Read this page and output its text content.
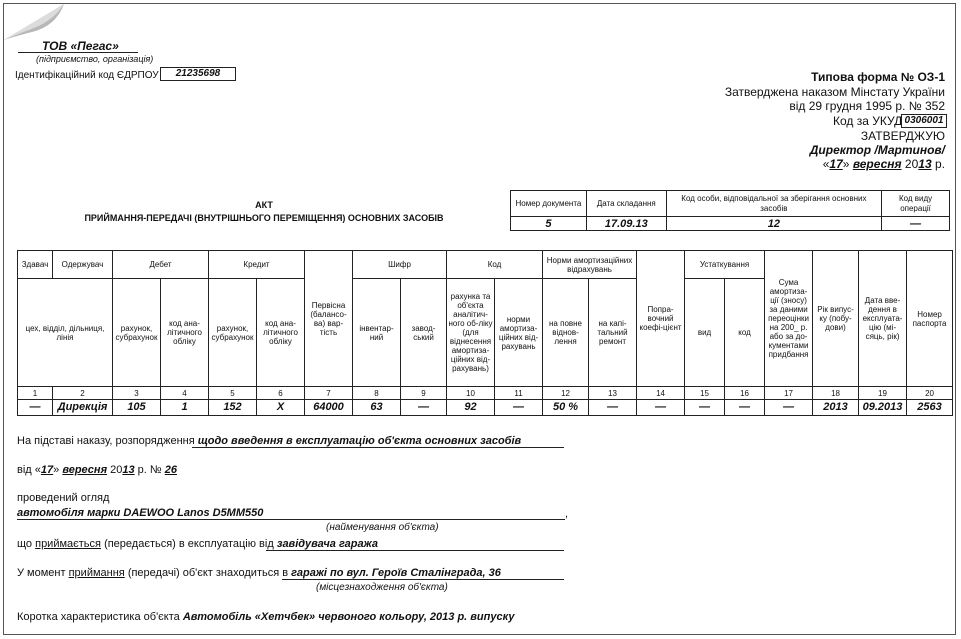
ТОВ «Пегас»
(підприємство, організація)
Ідентифікаційний код ЄДРПОУ	21235698	Типова форма № ОЗ-1
Затверджена наказом Мінстату України
від 29 грудня 1995 р. № 352
Код за УКУД 0306001
ЗАТВЕРДЖУЮ
Директор /Мартинов/
«17» вересня 2013 р.
АКТ
ПРИЙМАННЯ-ПЕРЕДАЧІ (ВНУТРІШНЬОГО ПЕРЕМІЩЕННЯ) ОСНОВНИХ ЗАСОБІВ
Номер документа	Дата складання	Код особи, відповідальної за зберігання основних засобів	Код виду операції
5	17.09.13	12	—
Здавач	Одержувач	Дебет		Кредит		Первісна (балансо-ва) вар-тість	Шифр		Код		Норми амортизаційних відрахувань		Попра-вочний коефі-цієнт	Устаткування		Сума амортиза-ції (зносу) за даними переоцінки на 200_ р. або за до-кументами придбання	Рік випус-ку (побу-дови)	Дата вве-дення в експлуата-цію (мі-сяць, рік)	Номер паспорта
цех, відділ, дільниця, лінія		рахунок, субрахунок	код ана-літичного обліку	рахунок, субрахунок	код ана-літичного обліку		інвентар-ний	завод-ський	рахунка та об'єкта аналітич-ного об-ліку (для віднесення амортиза-ційних від-рахувань)	норми амортиза-ційних від-рахувань	на повне віднов-лення	на капі-тальний ремонт		вид	код				
1	2	3	4	5	6	7	8	9	10	11	12	13	14	15	16	17	18	19	20
—	Дирекція	105	1	152	Х	64000	63	—	92	—	50 %	—	—	—	—	—	2013	09.2013	2563
На підставі наказу, розпорядження щодо введення в експлуатацію об'єкта основних засобів
від «17» вересня 2013 р. № 26
проведений огляд
автомобіля марки DAEWOO Lanos D5MM550	,
(найменування об'єкта)
що приймається (передається) в експлуатацію від завідувача гаража
У момент приймання (передачі) об'єкт знаходиться в гаражі по вул. Героїв Сталінграда, 36
(місцезнаходження об'єкта)
Коротка характеристика об'єкта Автомобіль «Хетчбек» червоного кольору, 2013 р. випуску
